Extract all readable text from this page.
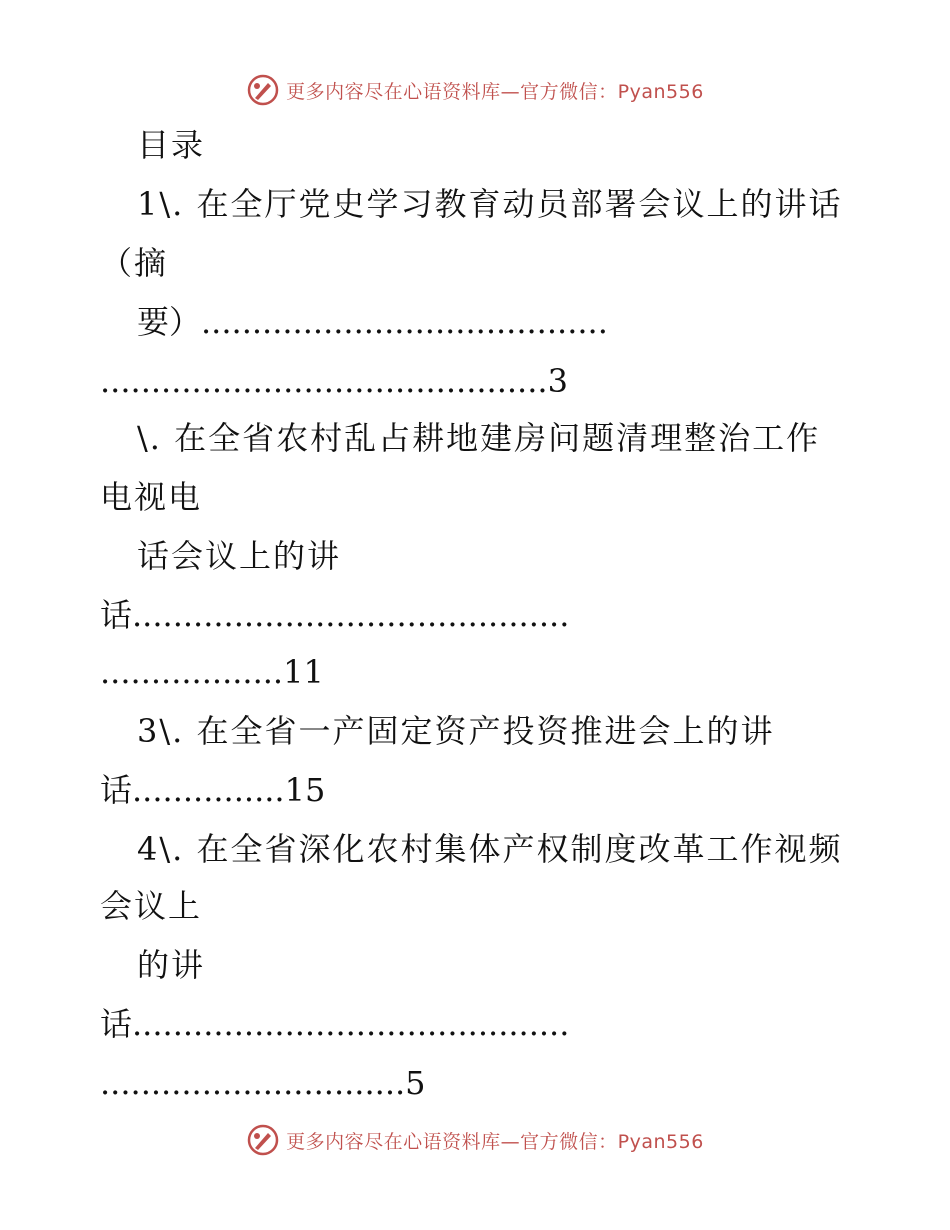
更多内容尽在心语资料库—官方微信：Pyan556
目录
1\. 在全厅党史学习教育动员部署会议上的讲话
（摘
要）........................................
............................................3
\. 在全省农村乱占耕地建房问题清理整治工作
电视电
话会议上的讲
话...........................................
..................11
3\. 在全省一产固定资产投资推进会上的讲
话...............15
4\. 在全省深化农村集体产权制度改革工作视频
会议上
的讲
话...........................................
..............................5
更多内容尽在心语资料库—官方微信：Pyan556
